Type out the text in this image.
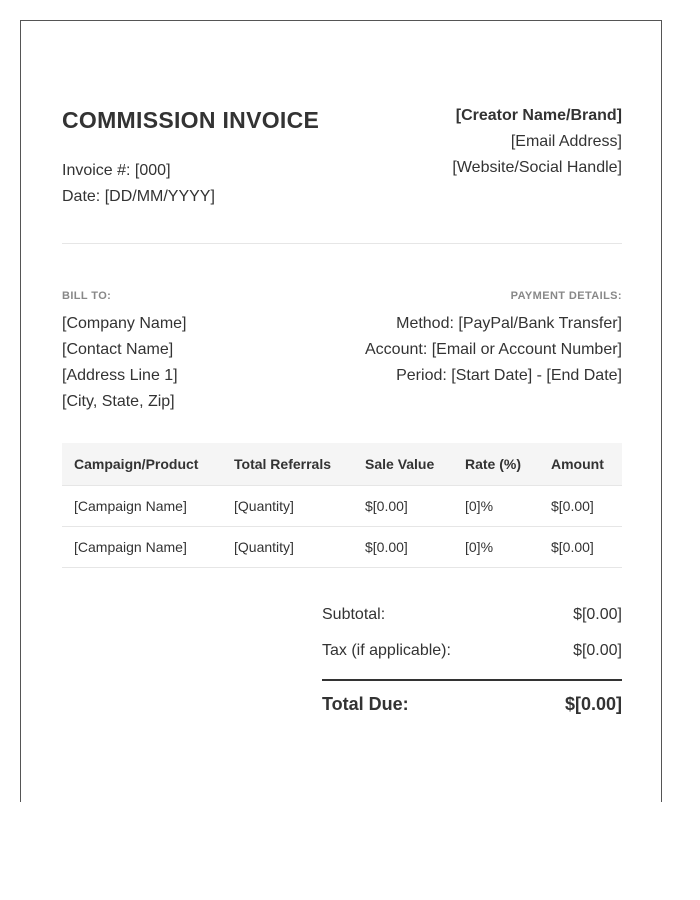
COMMISSION INVOICE
Invoice #: [000]
Date: [DD/MM/YYYY]
[Creator Name/Brand]
[Email Address]
[Website/Social Handle]
BILL TO:
[Company Name]
[Contact Name]
[Address Line 1]
[City, State, Zip]
PAYMENT DETAILS:
Method: [PayPal/Bank Transfer]
Account: [Email or Account Number]
Period: [Start Date] - [End Date]
Campaign/Product	Total Referrals	Sale Value	Rate (%)	Amount
[Campaign Name]	[Quantity]	$[0.00]	[0]%	$[0.00]
[Campaign Name]	[Quantity]	$[0.00]	[0]%	$[0.00]
Subtotal:	$[0.00]
Tax (if applicable):	$[0.00]
Total Due:	$[0.00]
